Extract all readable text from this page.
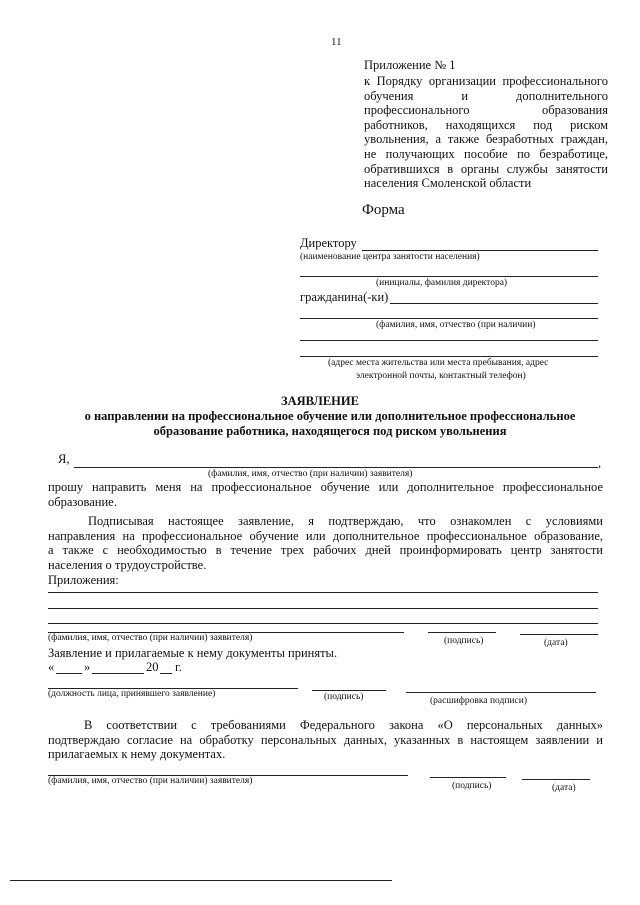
11
Приложение № 1
к Порядку организации профессионального
обучения и дополнительного
профессионального образования
работников, находящихся под риском
увольнения, а также безработных граждан,
не получающих пособие по безработице,
обратившихся в органы службы занятости
населения Смоленской области
Форма
Директору
(наименование центра занятости населения)
(инициалы, фамилия директора)
гражданина(-ки)
(фамилия, имя, отчество (при наличии)
(адрес места жительства или места пребывания, адрес
электронной почты, контактный телефон)
ЗАЯВЛЕНИЕ
о направлении на профессиональное обучение или дополнительное профессиональное
образование работника, находящегося под риском увольнения
Я,	,
(фамилия, имя, отчество (при наличии) заявителя)
прошу направить меня на профессиональное обучение или дополнительное профессиональное
образование.
Подписывая настоящее заявление, я подтверждаю, что ознакомлен с условиями
направления на профессиональное обучение или дополнительное профессиональное образование,
а также с необходимостью в течение трех рабочих дней проинформировать центр занятости
населения о трудоустройстве.
Приложения:
(фамилия, имя, отчество (при наличии) заявителя)	(подпись)	(дата)
Заявление и прилагаемые к нему документы приняты.
« »	20 г.
(должность лица, принявшего заявление)	(подпись)	(расшифровка подписи)
В соответствии с требованиями Федерального закона «О персональных данных»
подтверждаю согласие на обработку персональных данных, указанных в настоящем заявлении и
прилагаемых к нему документах.
(фамилия, имя, отчество (при наличии) заявителя)	(подпись)	(дата)
